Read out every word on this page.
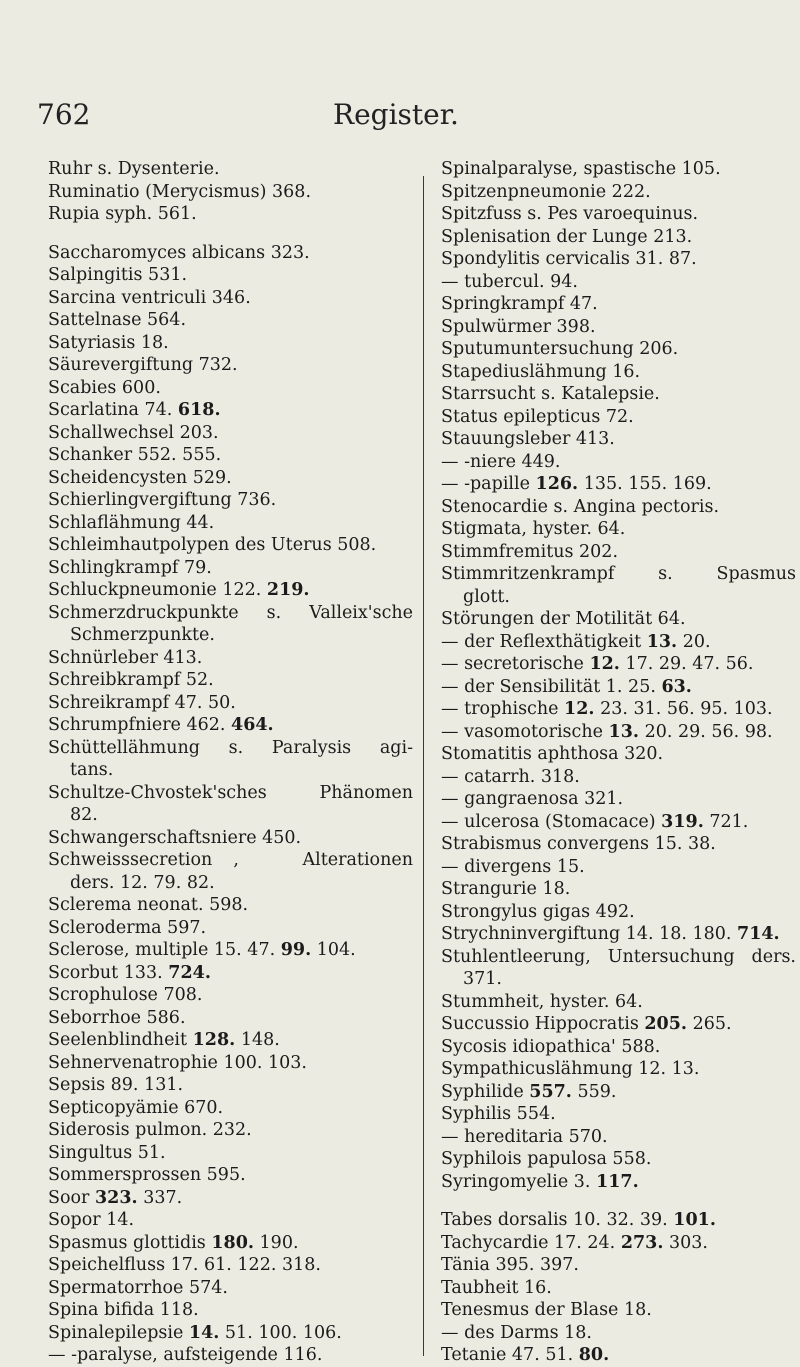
762	Register.
Ruhr s. Dysenterie.
Ruminatio (Merycismus) 368.
Rupia syph. 561.
Saccharomyces albicans 323.
Salpingitis 531.
Sarcina ventriculi 346.
Sattelnase 564.
Satyriasis 18.
Säurevergiftung 732.
Scabies 600.
Scarlatina 74. 618.
Schallwechsel 203.
Schanker 552. 555.
Scheidencysten 529.
Schierlingvergiftung 736.
Schlaflähmung 44.
Schleimhautpolypen des Uterus 508.
Schlingkrampf 79.
Schluckpneumonie 122. 219.
Schmerzdruckpunkte s. Valleix'sche
Schmerzpunkte.
Schnürleber 413.
Schreibkrampf 52.
Schreikrampf 47. 50.
Schrumpfniere 462. 464.
Schüttellähmung s. Paralysis agi-
tans.
Schultze-Chvostek'sches Phänomen
82.
Schwangerschaftsniere 450.
Schweisssecretion ,   Alterationen
ders. 12. 79. 82.
Sclerema neonat. 598.
Scleroderma 597.
Sclerose, multiple 15. 47. 99. 104.
Scorbut 133. 724.
Scrophulose 708.
Seborrhoe 586.
Seelenblindheit 128. 148.
Sehnervenatrophie 100. 103.
Sepsis 89. 131.
Septicopyämie 670.
Siderosis pulmon. 232.
Singultus 51.
Sommersprossen 595.
Soor 323. 337.
Sopor 14.
Spasmus glottidis 180. 190.
Speichelfluss 17. 61. 122. 318.
Spermatorrhoe 574.
Spina bifida 118.
Spinalepilepsie 14. 51. 100. 106.
— -paralyse, aufsteigende 116.
Spinalparalyse, spastische 105.
Spitzenpneumonie 222.
Spitzfuss s. Pes varoequinus.
Splenisation der Lunge 213.
Spondylitis cervicalis 31. 87.
— tubercul. 94.
Springkrampf 47.
Spulwürmer 398.
Sputumuntersuchung 206.
Stapediuslähmung 16.
Starrsucht s. Katalepsie.
Status epilepticus 72.
Stauungsleber 413.
— -niere 449.
— -papille 126. 135. 155. 169.
Stenocardie s. Angina pectoris.
Stigmata, hyster. 64.
Stimmfremitus 202.
Stimmritzenkrampf   s.   Spasmus
glott.
Störungen der Motilität 64.
— der Reflexthätigkeit 13. 20.
— secretorische 12. 17. 29. 47. 56.
— der Sensibilität 1. 25. 63.
— trophische 12. 23. 31. 56. 95. 103.
— vasomotorische 13. 20. 29. 56. 98.
Stomatitis aphthosa 320.
— catarrh. 318.
— gangraenosa 321.
— ulcerosa (Stomacace) 319. 721.
Strabismus convergens 15. 38.
— divergens 15.
Strangurie 18.
Strongylus gigas 492.
Strychninvergiftung 14. 18. 180. 714.
Stuhlentleerung, Untersuchung ders.
371.
Stummheit, hyster. 64.
Succussio Hippocratis 205. 265.
Sycosis idiopathica' 588.
Sympathicuslähmung 12. 13.
Syphilide 557. 559.
Syphilis 554.
— hereditaria 570.
Syphilois papulosa 558.
Syringomyelie 3. 117.
Tabes dorsalis 10. 32. 39. 101.
Tachycardie 17. 24. 273. 303.
Tänia 395. 397.
Taubheit 16.
Tenesmus der Blase 18.
— des Darms 18.
Tetanie 47. 51. 80.
